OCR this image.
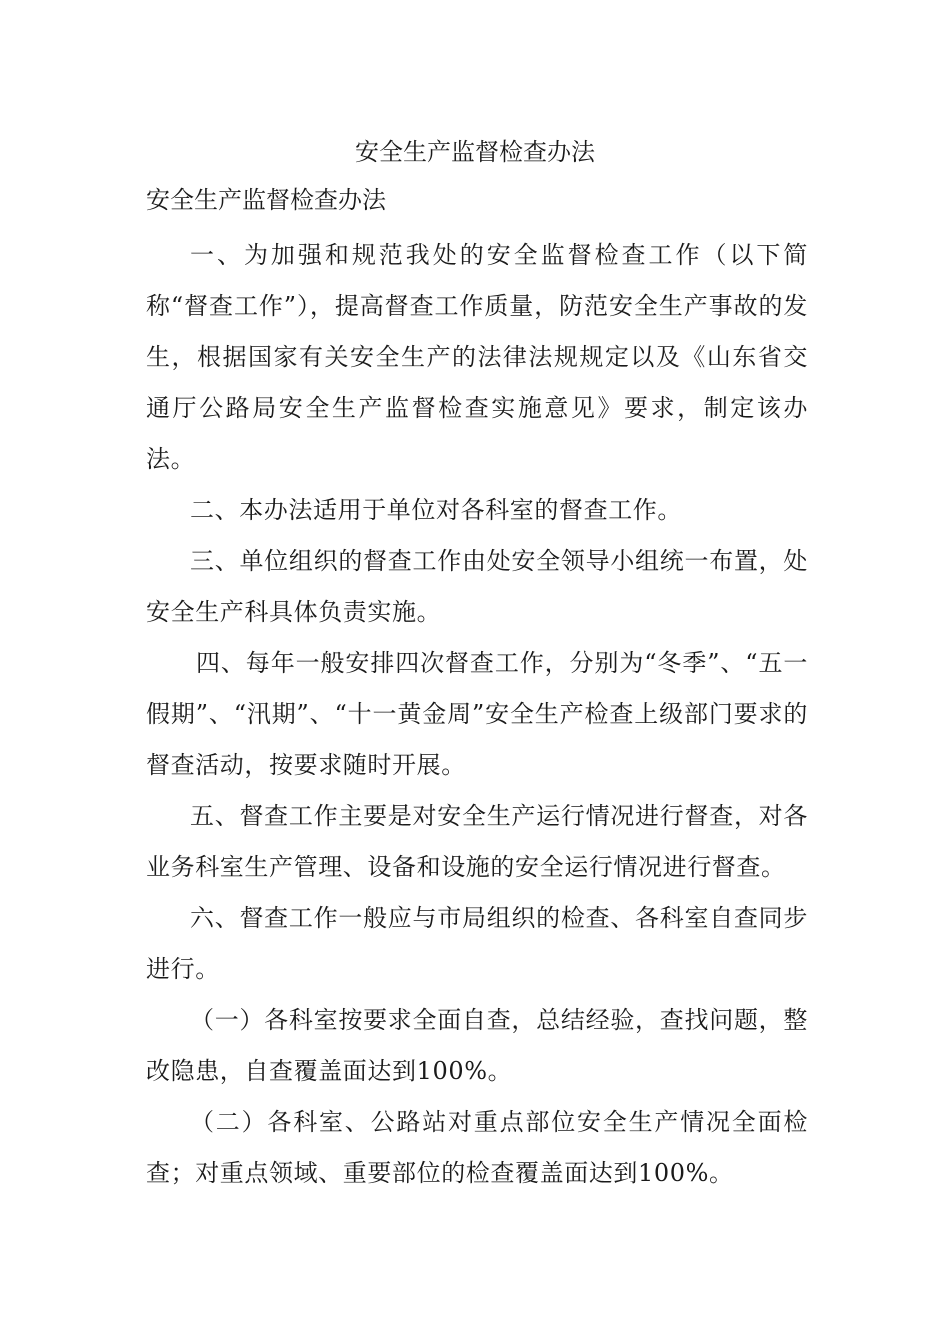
安全生产监督检查办法

安全生产监督检查办法

一、为加强和规范我处的安全监督检查工作（以下简称“督查工作”），提高督查工作质量，防范安全生产事故的发生，根据国家有关安全生产的法律法规规定以及《山东省交通厅公路局安全生产监督检查实施意见》要求，制定该办法。

二、本办法适用于单位对各科室的督查工作。

三、单位组织的督查工作由处安全领导小组统一布置，处安全生产科具体负责实施。

四、每年一般安排四次督查工作，分别为“冬季”、“五一假期”、“汛期”、“十一黄金周”安全生产检查上级部门要求的督查活动，按要求随时开展。

五、督查工作主要是对安全生产运行情况进行督查，对各业务科室生产管理、设备和设施的安全运行情况进行督查。

六、督查工作一般应与市局组织的检查、各科室自查同步进行。

（一）各科室按要求全面自查，总结经验，查找问题，整改隐患，自查覆盖面达到100%。

（二）各科室、公路站对重点部位安全生产情况全面检查；对重点领域、重要部位的检查覆盖面达到100%。
